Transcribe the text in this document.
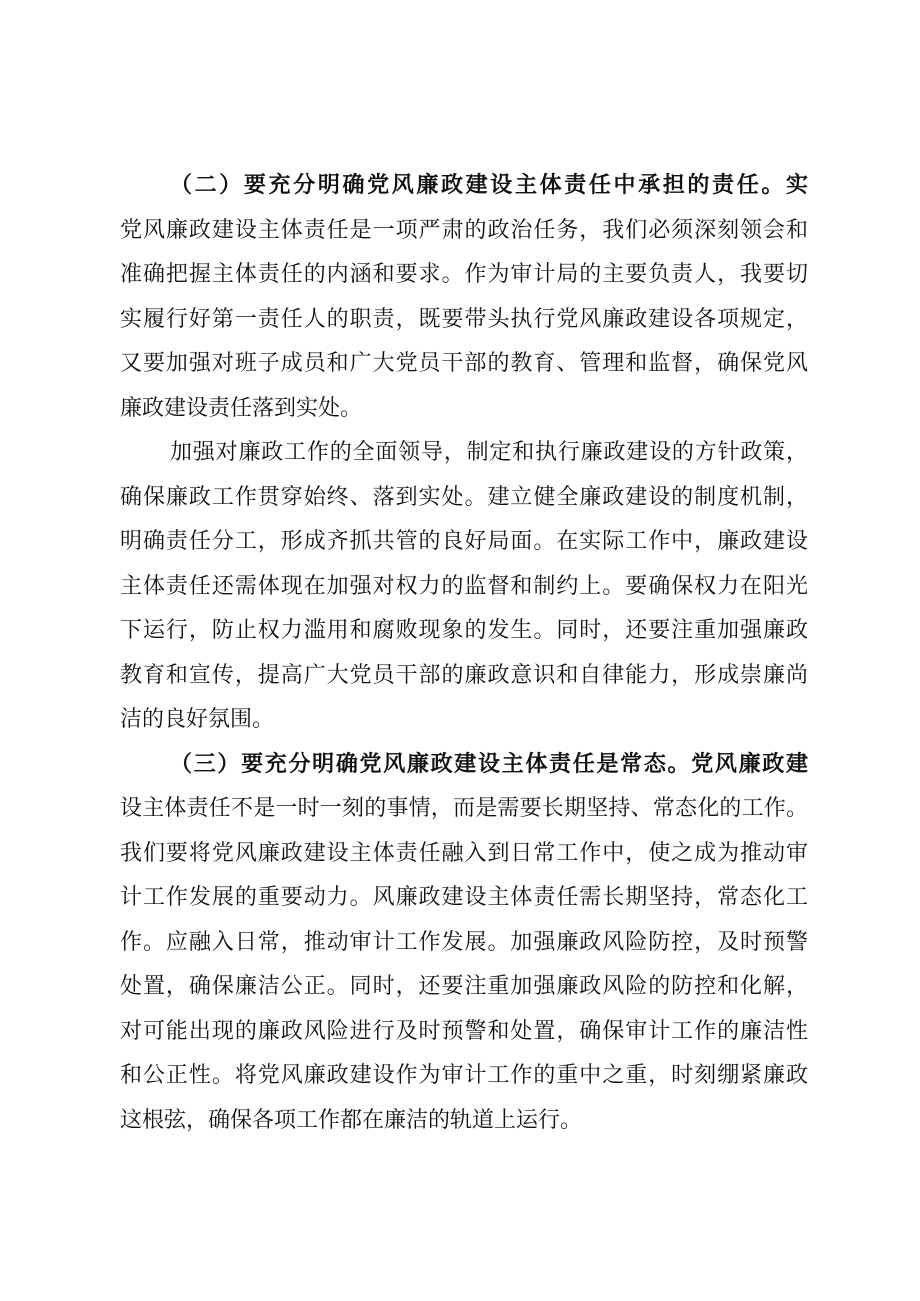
（二）要充分明确党风廉政建设主体责任中承担的责任。实
党风廉政建设主体责任是一项严肃的政治任务，我们必须深刻领会和
准确把握主体责任的内涵和要求。作为审计局的主要负责人，我要切
实履行好第一责任人的职责，既要带头执行党风廉政建设各项规定，
又要加强对班子成员和广大党员干部的教育、管理和监督，确保党风
廉政建设责任落到实处。
加强对廉政工作的全面领导，制定和执行廉政建设的方针政策，
确保廉政工作贯穿始终、落到实处。建立健全廉政建设的制度机制，
明确责任分工，形成齐抓共管的良好局面。在实际工作中，廉政建设
主体责任还需体现在加强对权力的监督和制约上。要确保权力在阳光
下运行，防止权力滥用和腐败现象的发生。同时，还要注重加强廉政
教育和宣传，提高广大党员干部的廉政意识和自律能力，形成崇廉尚
洁的良好氛围。
（三）要充分明确党风廉政建设主体责任是常态。党风廉政建
设主体责任不是一时一刻的事情，而是需要长期坚持、常态化的工作。
我们要将党风廉政建设主体责任融入到日常工作中，使之成为推动审
计工作发展的重要动力。风廉政建设主体责任需长期坚持，常态化工
作。应融入日常，推动审计工作发展。加强廉政风险防控，及时预警
处置，确保廉洁公正。同时，还要注重加强廉政风险的防控和化解，
对可能出现的廉政风险进行及时预警和处置，确保审计工作的廉洁性
和公正性。将党风廉政建设作为审计工作的重中之重，时刻绷紧廉政
这根弦，确保各项工作都在廉洁的轨道上运行。
